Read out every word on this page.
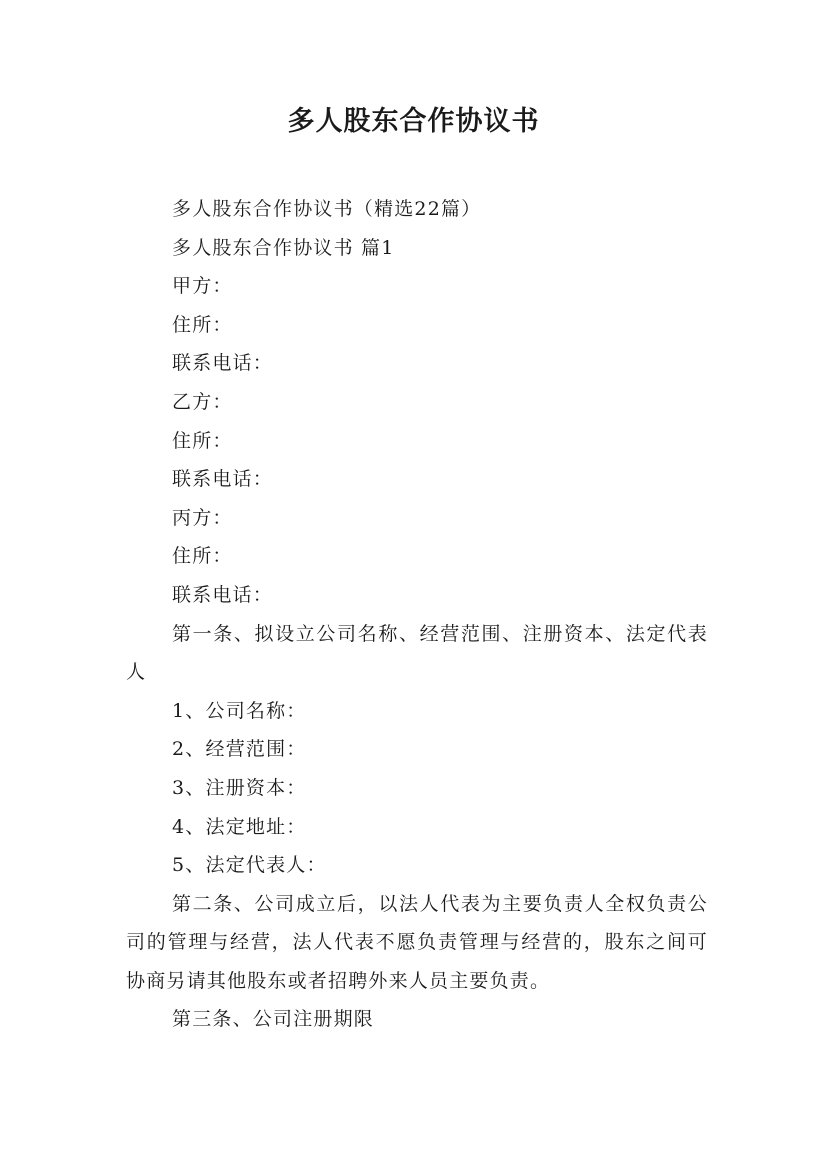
多人股东合作协议书

多人股东合作协议书（精选22篇）

多人股东合作协议书 篇1

甲方：

住所：

联系电话：

乙方：

住所：

联系电话：

丙方：

住所：

联系电话：

第一条、拟设立公司名称、经营范围、注册资本、法定代表人

1、公司名称：

2、经营范围：

3、注册资本：

4、法定地址：

5、法定代表人：

第二条、公司成立后，以法人代表为主要负责人全权负责公司的管理与经营，法人代表不愿负责管理与经营的，股东之间可协商另请其他股东或者招聘外来人员主要负责。

第三条、公司注册期限
